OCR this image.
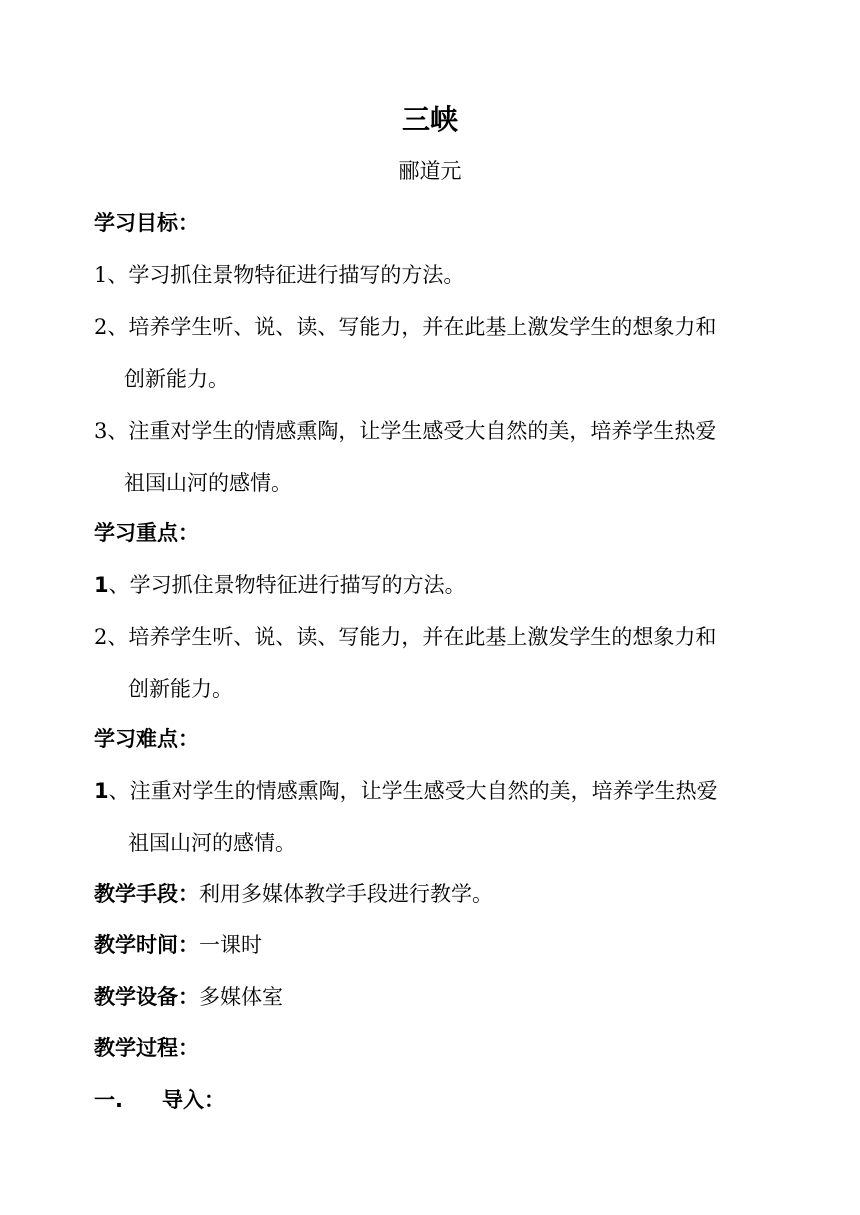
三峡
郦道元
学习目标：
1、学习抓住景物特征进行描写的方法。
2、培养学生听、说、读、写能力，并在此基上激发学生的想象力和
创新能力。
3、注重对学生的情感熏陶，让学生感受大自然的美，培养学生热爱
祖国山河的感情。
学习重点：
1、学习抓住景物特征进行描写的方法。
2、培养学生听、说、读、写能力，并在此基上激发学生的想象力和
创新能力。
学习难点：
1、注重对学生的情感熏陶，让学生感受大自然的美，培养学生热爱
祖国山河的感情。
教学手段：利用多媒体教学手段进行教学。
教学时间：一课时
教学设备：多媒体室
教学过程：
一. 导入：
